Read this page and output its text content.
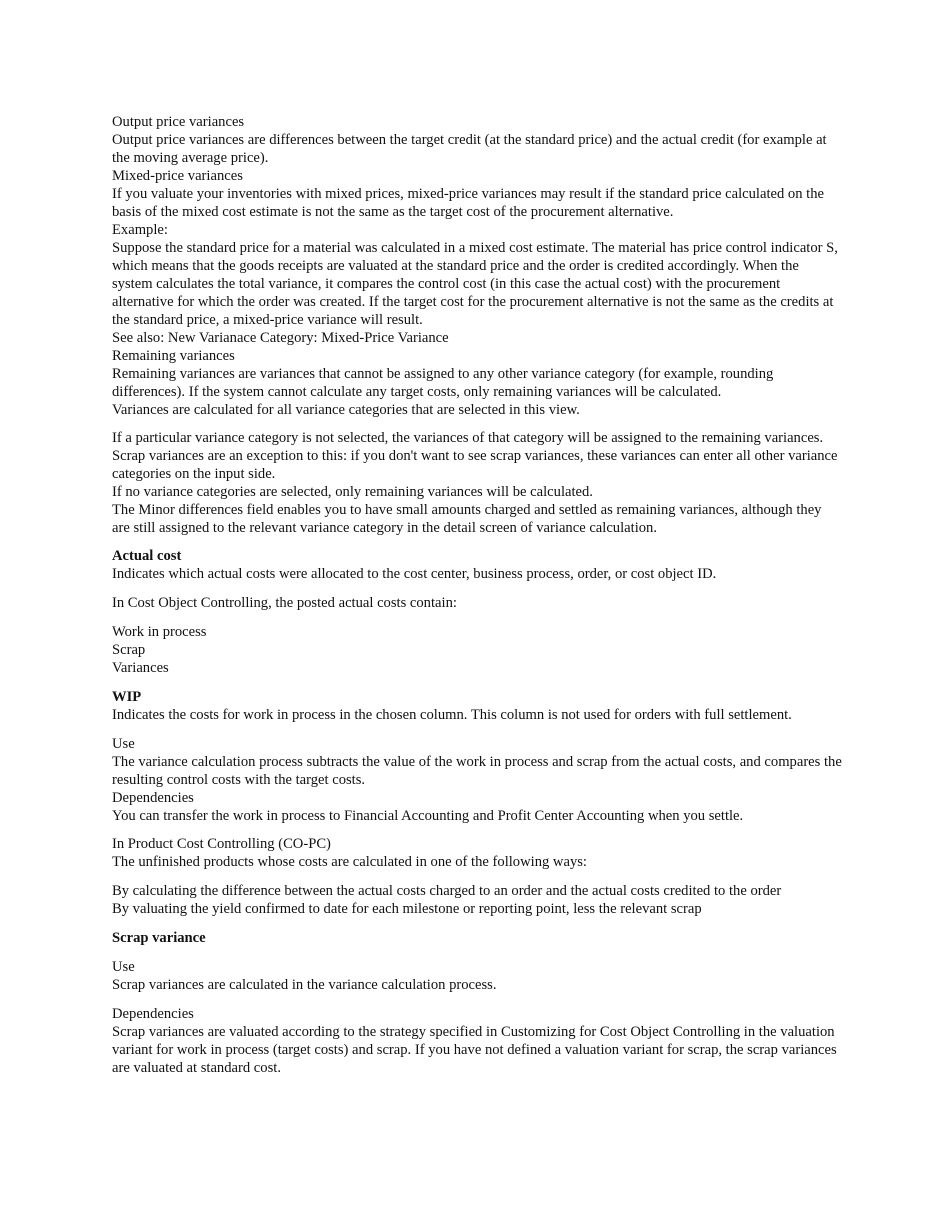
Output price variances
Output price variances are differences between the target credit (at the standard price) and the actual credit (for example at the moving average price).
Mixed-price variances
If you valuate your inventories with mixed prices, mixed-price variances may result if the standard price calculated on the basis of the mixed cost estimate is not the same as the target cost of the procurement alternative.
Example:
Suppose the standard price for a material was calculated in a mixed cost estimate. The material has price control indicator S, which means that the goods receipts are valuated at the standard price and the order is credited accordingly. When the system calculates the total variance, it compares the control cost (in this case the actual cost) with the procurement alternative for which the order was created. If the target cost for the procurement alternative is not the same as the credits at the standard price, a mixed-price variance will result.
See also: New Varianace Category: Mixed-Price Variance
Remaining variances
Remaining variances are variances that cannot be assigned to any other variance category (for example, rounding differences). If the system cannot calculate any target costs, only remaining variances will be calculated.
Variances are calculated for all variance categories that are selected in this view.
If a particular variance category is not selected, the variances of that category will be assigned to the remaining variances. Scrap variances are an exception to this: if you don't want to see scrap variances, these variances can enter all other variance categories on the input side.
If no variance categories are selected, only remaining variances will be calculated.
The Minor differences field enables you to have small amounts charged and settled as remaining variances, although they are still assigned to the relevant variance category in the detail screen of variance calculation.
Actual cost
Indicates which actual costs were allocated to the cost center, business process, order, or cost object ID.
In Cost Object Controlling, the posted actual costs contain:
Work in process
Scrap
Variances
WIP
Indicates the costs for work in process in the chosen column. This column is not used for orders with full settlement.
Use
The variance calculation process subtracts the value of the work in process and scrap from the actual costs, and compares the resulting control costs with the target costs.
Dependencies
You can transfer the work in process to Financial Accounting and Profit Center Accounting when you settle.
In Product Cost Controlling (CO-PC)
The unfinished products whose costs are calculated in one of the following ways:
By calculating the difference between the actual costs charged to an order and the actual costs credited to the order
By valuating the yield confirmed to date for each milestone or reporting point, less the relevant scrap
Scrap variance
Use
Scrap variances are calculated in the variance calculation process.
Dependencies
Scrap variances are valuated according to the strategy specified in Customizing for Cost Object Controlling in the valuation variant for work in process (target costs) and scrap. If you have not defined a valuation variant for scrap, the scrap variances are valuated at standard cost.
